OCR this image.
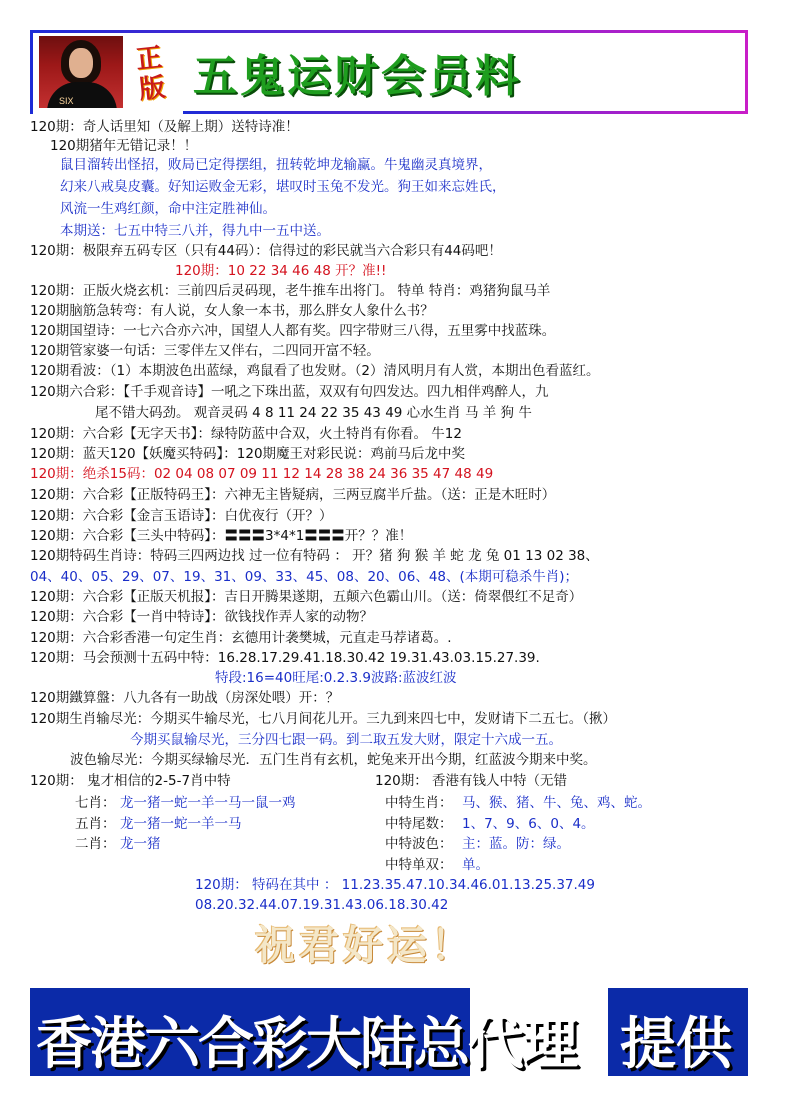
SIX
正版 五鬼运财会员料
120期：奇人话里知（及解上期）送特诗准！
120期猪年无错记录！！
鼠目溜转出怪招，败局已定得摆组，扭转乾坤龙输赢。牛鬼幽灵真境界，
幻来八戒臭皮囊。好知运败金无彩，堪叹时玉兔不发光。狗王如来忘姓氏，
风流一生鸡红颜，命中注定胜神仙。
本期送：七五中特三八并，得九中一五中送。
120期：极限弃五码专区（只有44码）：信得过的彩民就当六合彩只有44码吧！
120期：10 22 34 46 48 开？准!!
120期：正版火烧玄机：三前四后灵码现，老牛推车出将门。 特单 特肖：鸡猪狗鼠马羊
120期脑筋急转弯：有人说，女人象一本书，那么胖女人象什么书？
120期国望诗：一七六合亦六冲，国望人人都有奖。四字带财三八得，五里雾中找蓝珠。
120期管家婆一句话：三零伴左又伴右，二四同开富不轻。
120期看波：（1）本期波色出蓝绿，鸡鼠看了也发财。（2）清风明月有人赏，本期出色看蓝红。
120期六合彩：【千手观音诗】一吼之下珠出蓝，双双有句四发达。四九相伴鸡醉人，九
尾不错大码劲。 观音灵码 4 8 11 24 22 35 43 49 心水生肖 马 羊 狗 牛
120期：六合彩【无字天书】：绿特防蓝中合双，火土特肖有你看。 牛12
120期：蓝天120【妖魔买特码】：120期魔王对彩民说：鸡前马后龙中奖
120期：绝杀15码：02 04 08 07 09 11 12 14 28 38 24 36 35 47 48 49
120期：六合彩【正版特码王】：六神无主皆疑病，三两豆腐半斤盐。（送：正是木旺时）
120期：六合彩【金言玉语诗】：白优夜行（开？）
120期：六合彩【三头中特码】：〓〓〓3*4*1〓〓〓开？？准！
120期特码生肖诗：特码三四两边找 过一位有特码 ： 开？猪 狗 猴 羊 蛇 龙 兔 01 13 02 38、
04、40、05、29、07、19、31、09、33、45、08、20、06、48、(本期可稳杀牛肖)；
120期：六合彩【正版天机报】：吉日开腾果遂期，五颠六色霸山川。（送：倚翠偎红不足奇）
120期：六合彩【一肖中特诗】：欲钱找作弄人家的动物？
120期：六合彩香港一句定生肖：玄德用计袭樊城，元直走马荐诸葛。.
120期：马会预测十五码中特：16.28.17.29.41.18.30.42 19.31.43.03.15.27.39.
特段:16=40旺尾:0.2.3.9波路:蓝波红波
120期鐵算盤：八九各有一助战（房深处喂）开：？
120期生肖输尽光：今期买牛输尽光，七八月间花儿开。三九到来四七中，发财请下二五七。（揪）
今期买鼠输尽光，三分四七跟一码。到二取五发大财，限定十六成一五。
波色输尽光：今期买绿输尽光．五门生肖有玄机，蛇兔来开出今期，红蓝波今期来中奖。
120期： 鬼才相信的2-5-7肖中特
七肖： 龙一猪一蛇一羊一马一鼠一鸡
五肖： 龙一猪一蛇一羊一马
二肖： 龙一猪
120期： 香港有钱人中特（无错
中特生肖： 马、猴、猪、牛、兔、鸡、蛇。
中特尾数： 1、7、9、6、0、4。
中特波色： 主：蓝。防：绿。
中特单双： 单。
120期： 特码在其中 ： 11.23.35.47.10.34.46.01.13.25.37.49
08.20.32.44.07.19.31.43.06.18.30.42
祝君好运！
香港六合彩大陆总代理 提供
